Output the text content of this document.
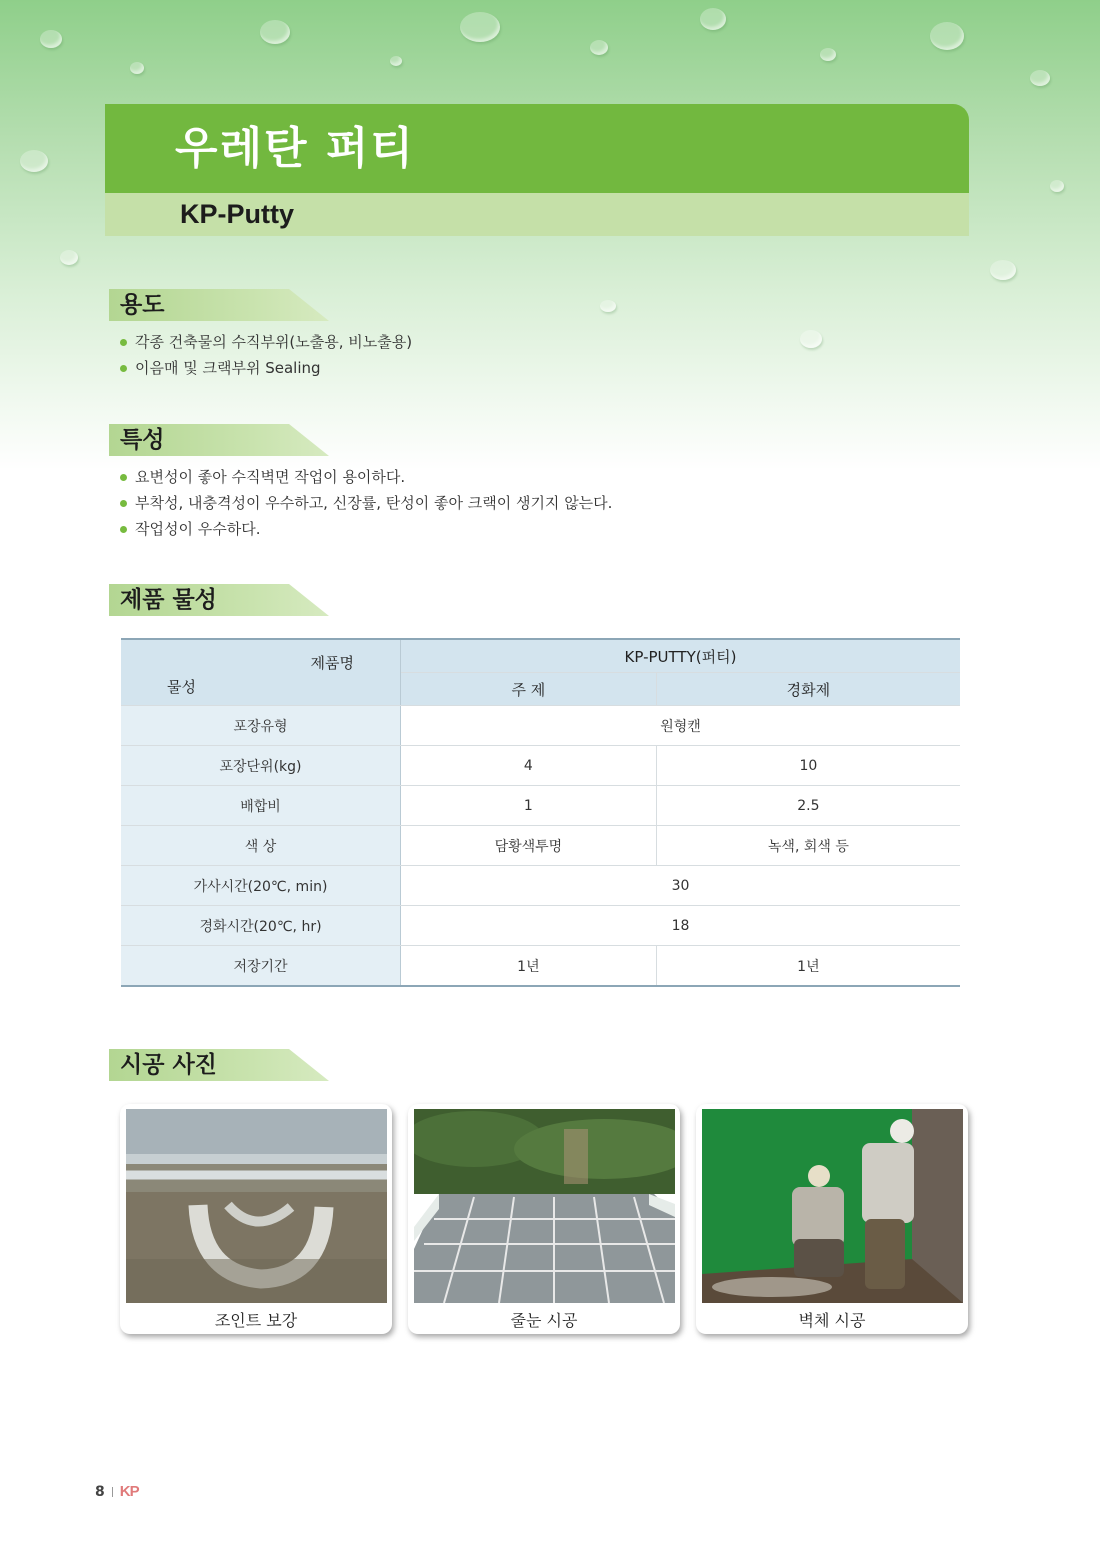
우레탄 퍼티
KP-Putty
용도
각종 건축물의 수직부위(노출용, 비노출용)
이음매 및 크랙부위 Sealing
특성
요변성이 좋아 수직벽면 작업이 용이하다.
부착성, 내충격성이 우수하고, 신장률, 탄성이 좋아 크랙이 생기지 않는다.
작업성이 우수하다.
제품 물성
제품명
물성	KP-PUTTY(퍼티)	
	주 제	경화제
포장유형	원형캔	
포장단위(kg)	4	10
배합비	1	2.5
색 상	담황색투명	녹색, 회색 등
가사시간(20℃, min)	30	
경화시간(20℃, hr)	18	
저장기간	1년	1년
시공 사진
조인트 보강	줄눈 시공	벽체 시공
8 KP
